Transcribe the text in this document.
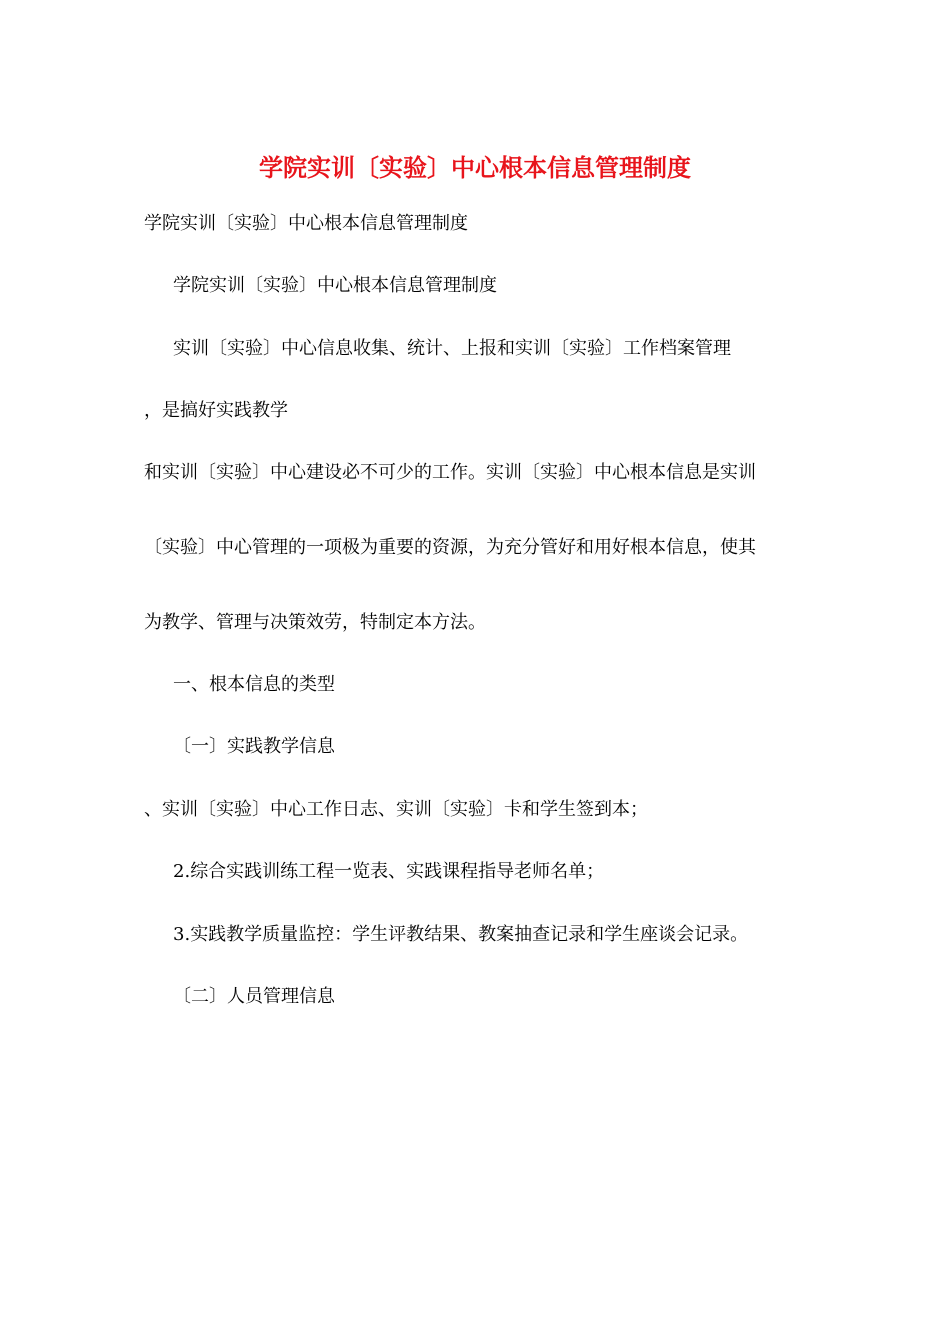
学院实训〔实验〕中心根本信息管理制度
学院实训〔实验〕中心根本信息管理制度
学院实训〔实验〕中心根本信息管理制度
实训〔实验〕中心信息收集、统计、上报和实训〔实验〕工作档案管理
，是搞好实践教学
和实训〔实验〕中心建设必不可少的工作。实训〔实验〕中心根本信息是实训
〔实验〕中心管理的一项极为重要的资源，为充分管好和用好根本信息，使其
为教学、管理与决策效劳，特制定本方法。
一、根本信息的类型
〔一〕实践教学信息
、实训〔实验〕中心工作日志、实训〔实验〕卡和学生签到本；
2.综合实践训练工程一览表、实践课程指导老师名单；
3.实践教学质量监控：学生评教结果、教案抽查记录和学生座谈会记录。
〔二〕人员管理信息
